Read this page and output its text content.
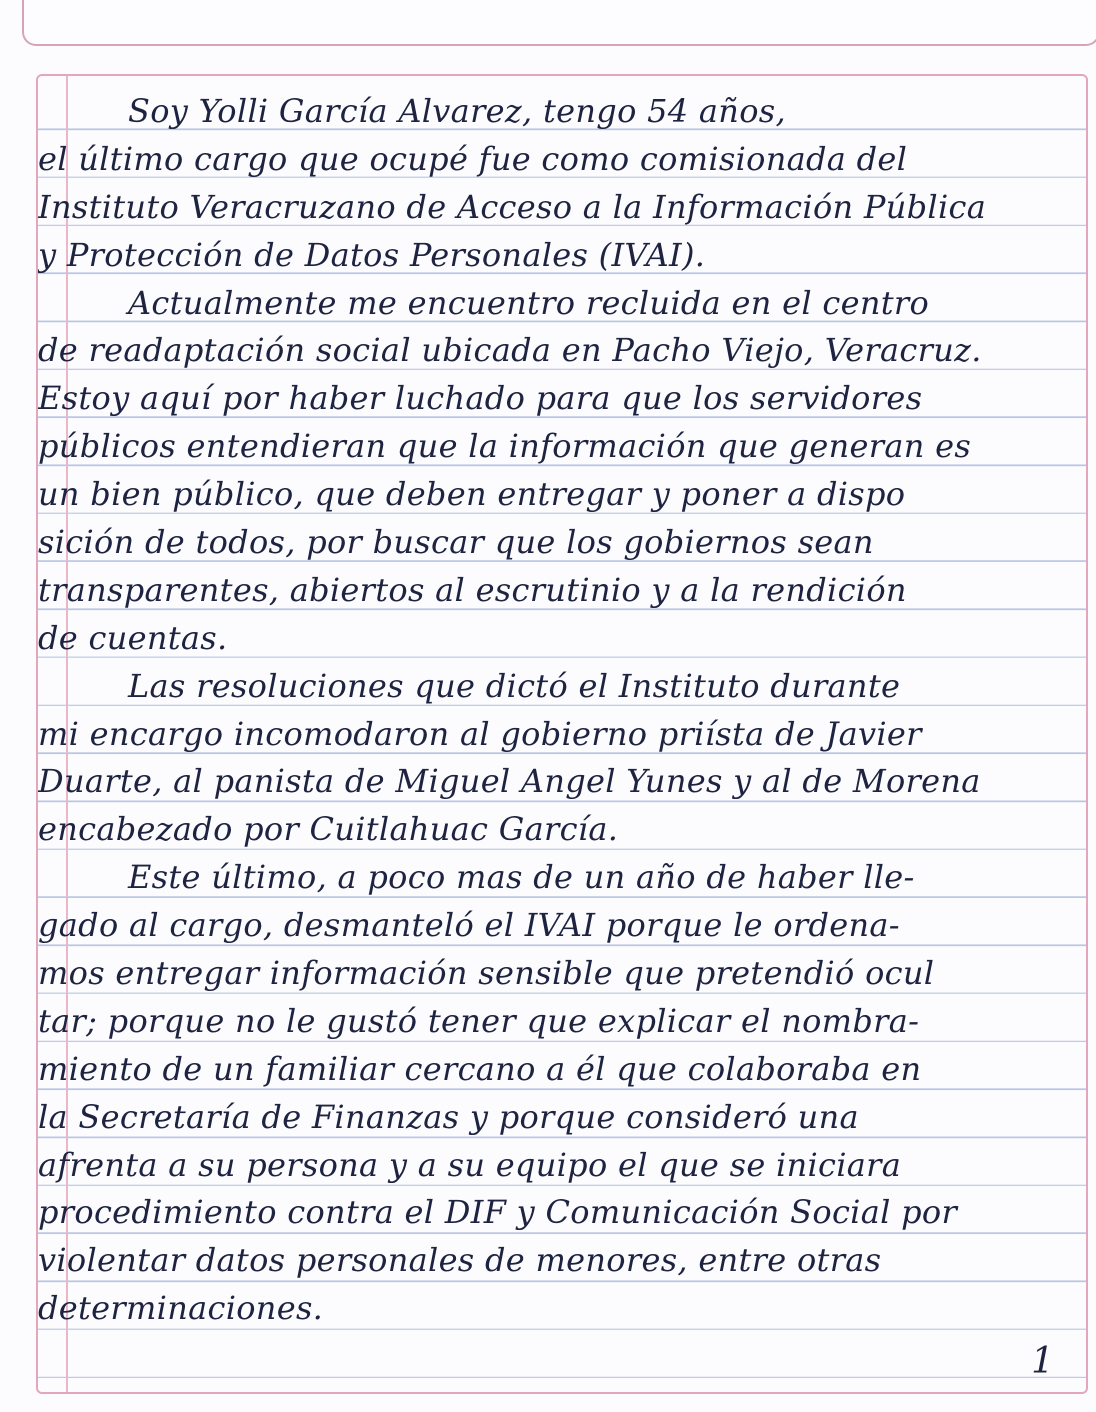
Soy Yolli García Alvarez, tengo 54 años,
el último cargo que ocupé fue como comisionada del
Instituto Veracruzano de Acceso a la Información Pública
y Protección de Datos Personales (IVAI).
Actualmente me encuentro recluida en el centro
de readaptación social ubicada en Pacho Viejo, Veracruz.
Estoy aquí por haber luchado para que los servidores
públicos entendieran que la información que generan es
un bien público, que deben entregar y poner a dispo
sición de todos, por buscar que los gobiernos sean
transparentes, abiertos al escrutinio y a la rendición
de cuentas.
Las resoluciones que dictó el Instituto durante
mi encargo incomodaron al gobierno priísta de Javier
Duarte, al panista de Miguel Angel Yunes y al de Morena
encabezado por Cuitlahuac García.
Este último, a poco mas de un año de haber lle-
gado al cargo, desmanteló el IVAI porque le ordena-
mos entregar información sensible que pretendió ocul
tar; porque no le gustó tener que explicar el nombra-
miento de un familiar cercano a él que colaboraba en
la Secretaría de Finanzas y porque consideró una
afrenta a su persona y a su equipo el que se iniciara
procedimiento contra el DIF y Comunicación Social por
violentar datos personales de menores, entre otras
determinaciones.
1
